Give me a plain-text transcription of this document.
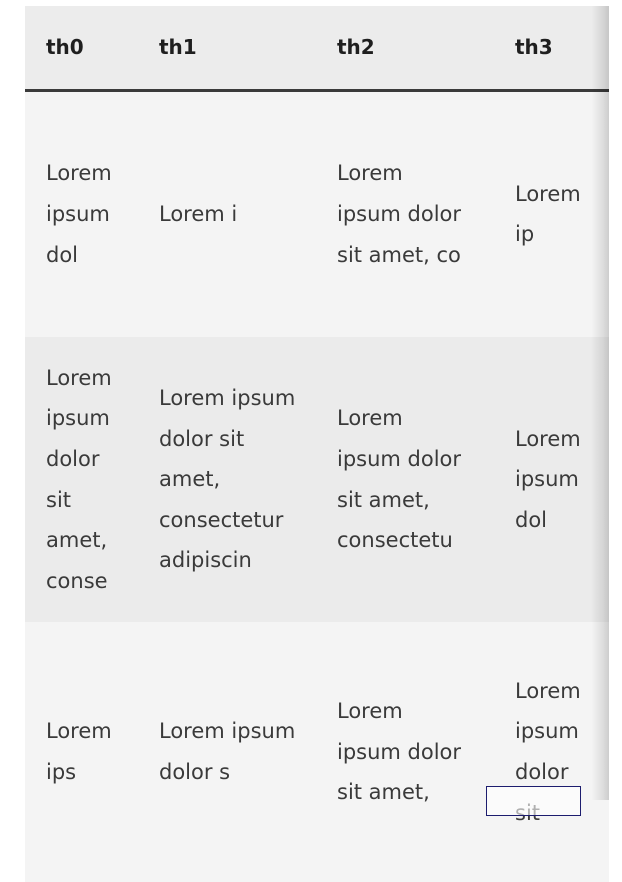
th0	th1	th2	th3
Lorem ipsum dol	Lorem i	Lorem ipsum dolor sit amet, co	Lorem ip
Lorem ipsum dolor sit amet, conse	Lorem ipsum dolor sit amet, consectetur adipiscin	Lorem ipsum dolor sit amet, consectetu	Lorem ipsum dol
Lorem ips	Lorem ipsum dolor s	Lorem ipsum dolor sit amet,	Lorem ipsum dolor
